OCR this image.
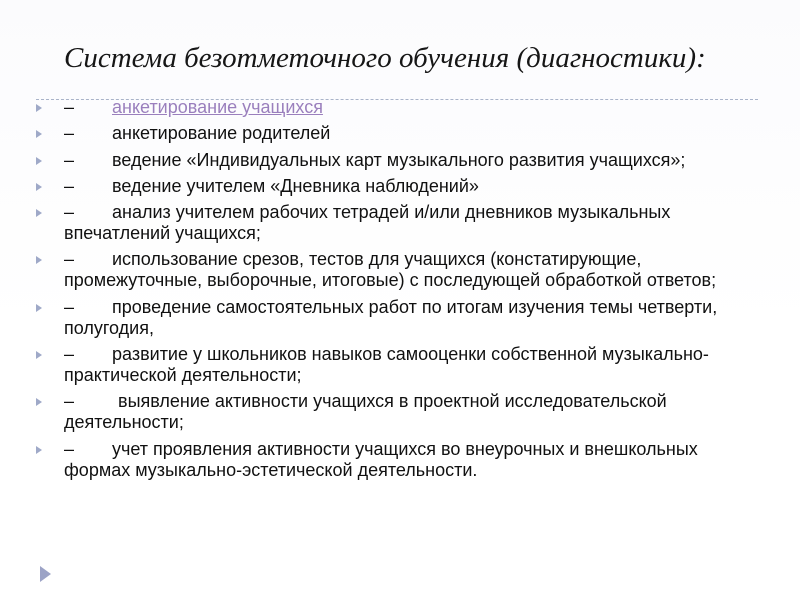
Система безотметочного обучения (диагностики):
– анкетирование учащихся
– анкетирование родителей
– ведение «Индивидуальных карт музыкального развития учащихся»;
– ведение учителем «Дневника наблюдений»
– анализ учителем рабочих тетрадей и/или дневников музыкальных впечатлений учащихся;
– использование срезов, тестов для учащихся (констатирующие, промежуточные, выборочные, итоговые) с последующей обработкой ответов;
– проведение самостоятельных работ по итогам изучения темы четверти, полугодия,
– развитие у школьников навыков самооценки собственной музыкально-практической деятельности;
– выявление активности учащихся в проектной исследовательской деятельности;
– учет проявления активности учащихся во внеурочных и внешкольных формах музыкально-эстетической деятельности.
